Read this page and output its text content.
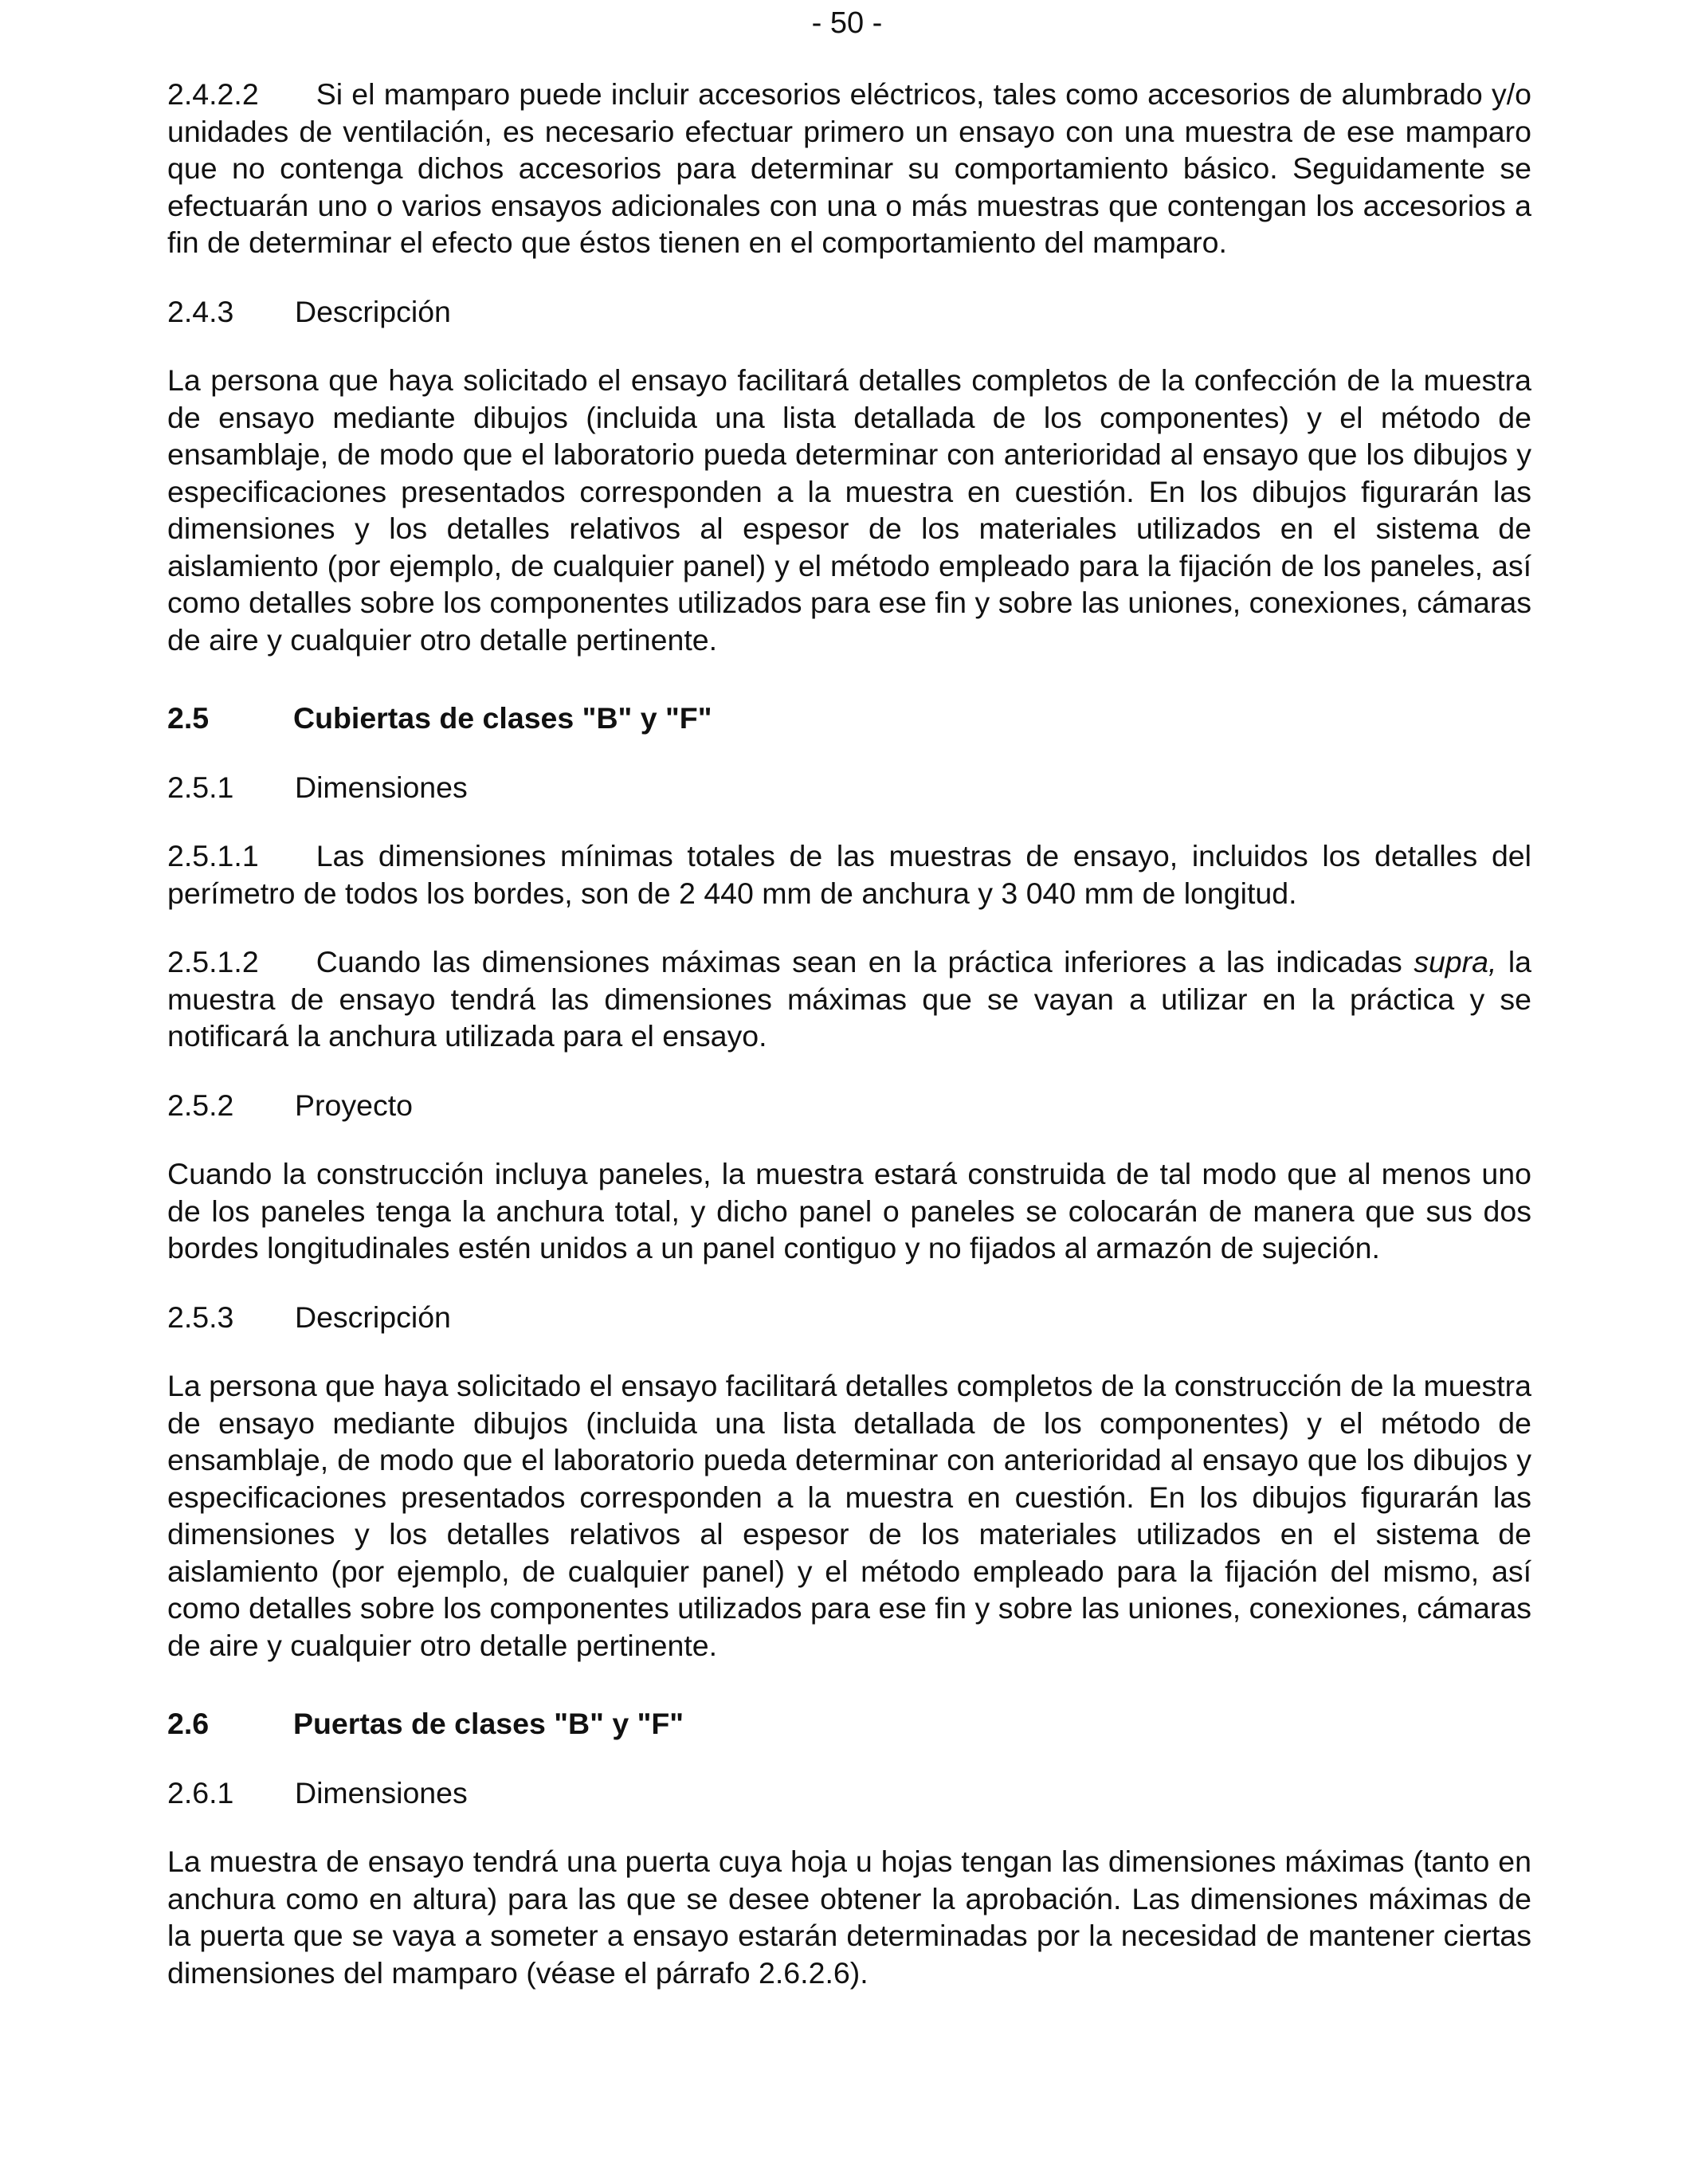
- 50 -

2.4.2.2 Si el mamparo puede incluir accesorios eléctricos, tales como accesorios de alumbrado y/o unidades de ventilación, es necesario efectuar primero un ensayo con una muestra de ese mamparo que no contenga dichos accesorios para determinar su comportamiento básico. Seguidamente se efectuarán uno o varios ensayos adicionales con una o más muestras que contengan los accesorios a fin de determinar el efecto que éstos tienen en el comportamiento del mamparo.

2.4.3	Descripción

La persona que haya solicitado el ensayo facilitará detalles completos de la confección de la muestra de ensayo mediante dibujos (incluida una lista detallada de los componentes) y el método de ensamblaje, de modo que el laboratorio pueda determinar con anterioridad al ensayo que los dibujos y especificaciones presentados corresponden a la muestra en cuestión. En los dibujos figurarán las dimensiones y los detalles relativos al espesor de los materiales utilizados en el sistema de aislamiento (por ejemplo, de cualquier panel) y el método empleado para la fijación de los paneles, así como detalles sobre los componentes utilizados para ese fin y sobre las uniones, conexiones, cámaras de aire y cualquier otro detalle pertinente.

2.5	Cubiertas de clases "B" y "F"
2.5.1	Dimensiones

2.5.1.1 Las dimensiones mínimas totales de las muestras de ensayo, incluidos los detalles del perímetro de todos los bordes, son de 2 440 mm de anchura y 3 040 mm de longitud.

2.5.1.2 Cuando las dimensiones máximas sean en la práctica inferiores a las indicadas supra, la muestra de ensayo tendrá las dimensiones máximas que se vayan a utilizar en la práctica y se notificará la anchura utilizada para el ensayo.

2.5.2	Proyecto

Cuando la construcción incluya paneles, la muestra estará construida de tal modo que al menos uno de los paneles tenga la anchura total, y dicho panel o paneles se colocarán de manera que sus dos bordes longitudinales estén unidos a un panel contiguo y no fijados al armazón de sujeción.

2.5.3	Descripción

La persona que haya solicitado el ensayo facilitará detalles completos de la construcción de la muestra de ensayo mediante dibujos (incluida una lista detallada de los componentes) y el método de ensamblaje, de modo que el laboratorio pueda determinar con anterioridad al ensayo que los dibujos y especificaciones presentados corresponden a la muestra en cuestión. En los dibujos figurarán las dimensiones y los detalles relativos al espesor de los materiales utilizados en el sistema de aislamiento (por ejemplo, de cualquier panel) y el método empleado para la fijación del mismo, así como detalles sobre los componentes utilizados para ese fin y sobre las uniones, conexiones, cámaras de aire y cualquier otro detalle pertinente.

2.6	Puertas de clases "B" y "F"
2.6.1	Dimensiones

La muestra de ensayo tendrá una puerta cuya hoja u hojas tengan las dimensiones máximas (tanto en anchura como en altura) para las que se desee obtener la aprobación. Las dimensiones máximas de la puerta que se vaya a someter a ensayo estarán determinadas por la necesidad de mantener ciertas dimensiones del mamparo (véase el párrafo 2.6.2.6).
